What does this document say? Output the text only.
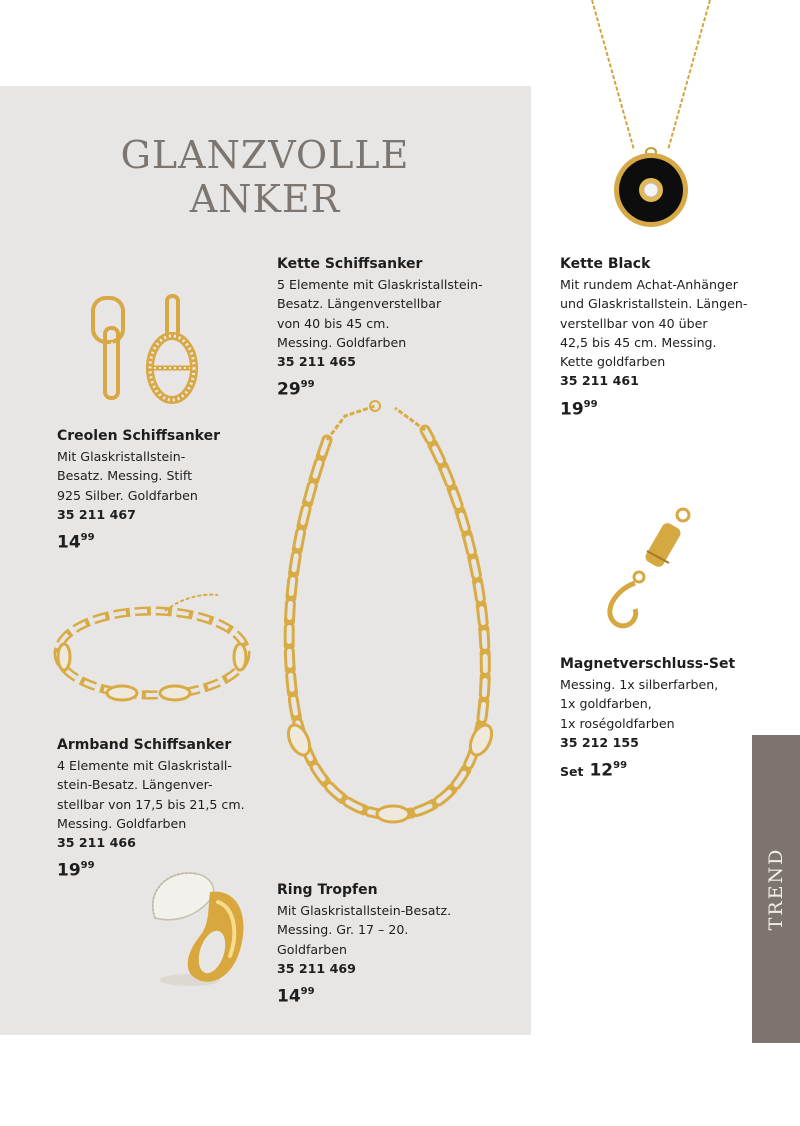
GLANZVOLLE
ANKER
Kette Schiffsanker
5 Elemente mit Glaskristallstein-
Besatz. Längenverstellbar
von 40 bis 45 cm.
Messing. Goldfarben
35 211 465
$29^{99}$
Kette Black
Mit rundem Achat-Anhänger
und Glaskristallstein. Längen-
verstellbar von 40 über
42,5 bis 45 cm. Messing.
Kette goldfarben
35 211 461
$19^{99}$
Creolen Schiffsanker
Mit Glaskristallstein-
Besatz. Messing. Stift
925 Silber. Goldfarben
35 211 467
$14^{99}$
Magnetverschluss-Set
Messing. 1x silberfarben,
1x goldfarben,
1x roségoldfarben
35 212 155
Set $12^{99}$
Armband Schiffsanker
4 Elemente mit Glaskristall-
stein-Besatz. Längenver-
stellbar von 17,5 bis 21,5 cm.
Messing. Goldfarben
35 211 466
$19^{99}$
Ring Tropfen
Mit Glaskristallstein-Besatz.
Messing. Gr. 17 – 20.
Goldfarben
35 211 469
$14^{99}$
TREND
